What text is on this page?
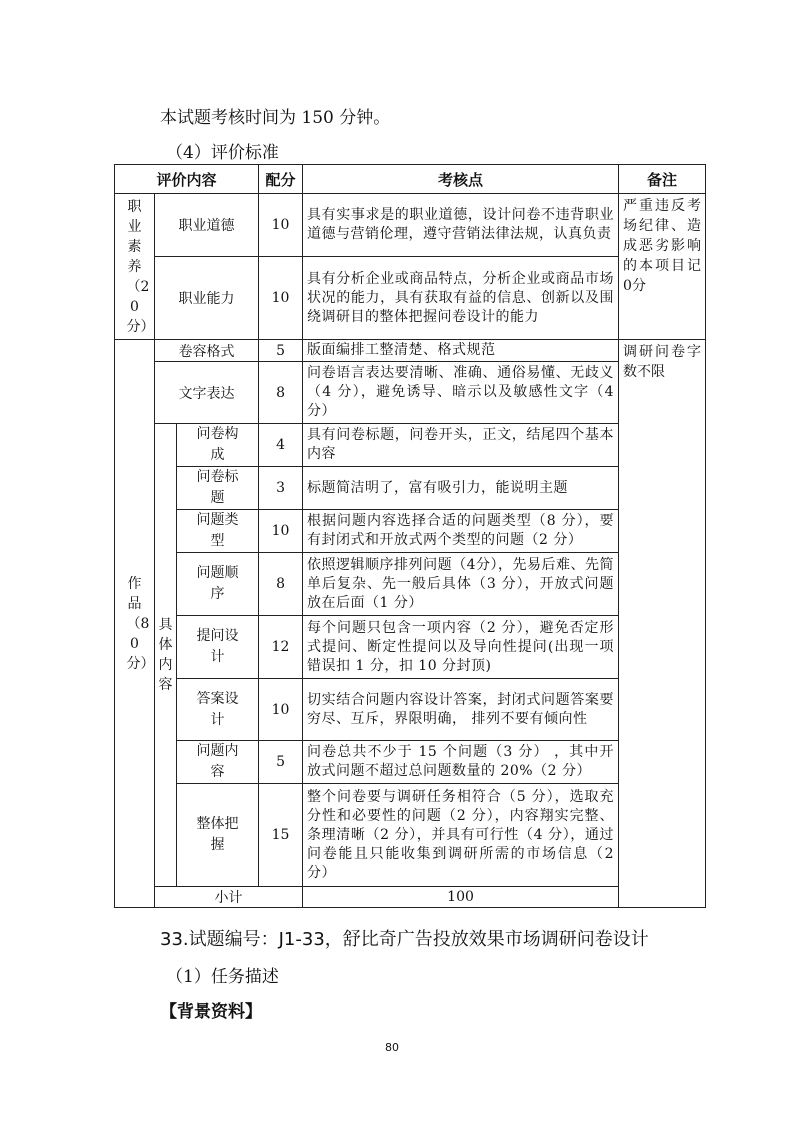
本试题考核时间为 150 分钟。
（4）评价标准
评价内容			配分	考核点	备注	

职业素养（20分）	职业道德		10	具有实事求是的职业道德，设计问卷不违背职业道德与营销伦理，遵守营销法律法规，认真负责	严重违反考场纪律、造成恶劣影响的本项目记0分	
	职业能力		10	具有分析企业或商品特点，分析企业或商品市场状况的能力，具有获取有益的信息、创新以及围绕调研目的整体把握问卷设计的能力		

作品（80分）	卷容格式		5	版面编排工整清楚、格式规范	调研问卷字数不限	
	文字表达		8	问卷语言表达要清晰、准确、通俗易懂、无歧义（4 分），避免诱导、暗示以及敏感性文字（4 分）		

	具体内容	问卷构成	4	具有问卷标题，问卷开头，正文，结尾四个基本内容		

		问卷标题	3	标题简洁明了，富有吸引力，能说明主题		

		问题类型	10	根据问题内容选择合适的问题类型（8 分），要有封闭式和开放式两个类型的问题（2 分）		

		问题顺序	8	依照逻辑顺序排列问题（4分），先易后难、先简单后复杂、先一般后具体（3 分），开放式问题放在后面（1 分）		

		提问设计	12	每个问题只包含一项内容（2 分），避免否定形式提问、断定性提问以及导向性提问(出现一项错误扣 1 分，扣 10 分封顶)		

		答案设计	10	切实结合问题内容设计答案，封闭式问题答案要穷尽、互斥，界限明确， 排列不要有倾向性		

		问题内容	5	问卷总共不少于 15 个问题（3 分） ，其中开放式问题不超过总问题数量的 20%（2 分）		

		整体把握	15	整个问卷要与调研任务相符合（5 分），选取充分性和必要性的问题（2 分），内容翔实完整、条理清晰（2 分），并具有可行性（4 分），通过问卷能且只能收集到调研所需的市场信息（2 分）		
	小计			100		
33.试题编号：J1-33，舒比奇广告投放效果市场调研问卷设计
（1）任务描述
【背景资料】
80
